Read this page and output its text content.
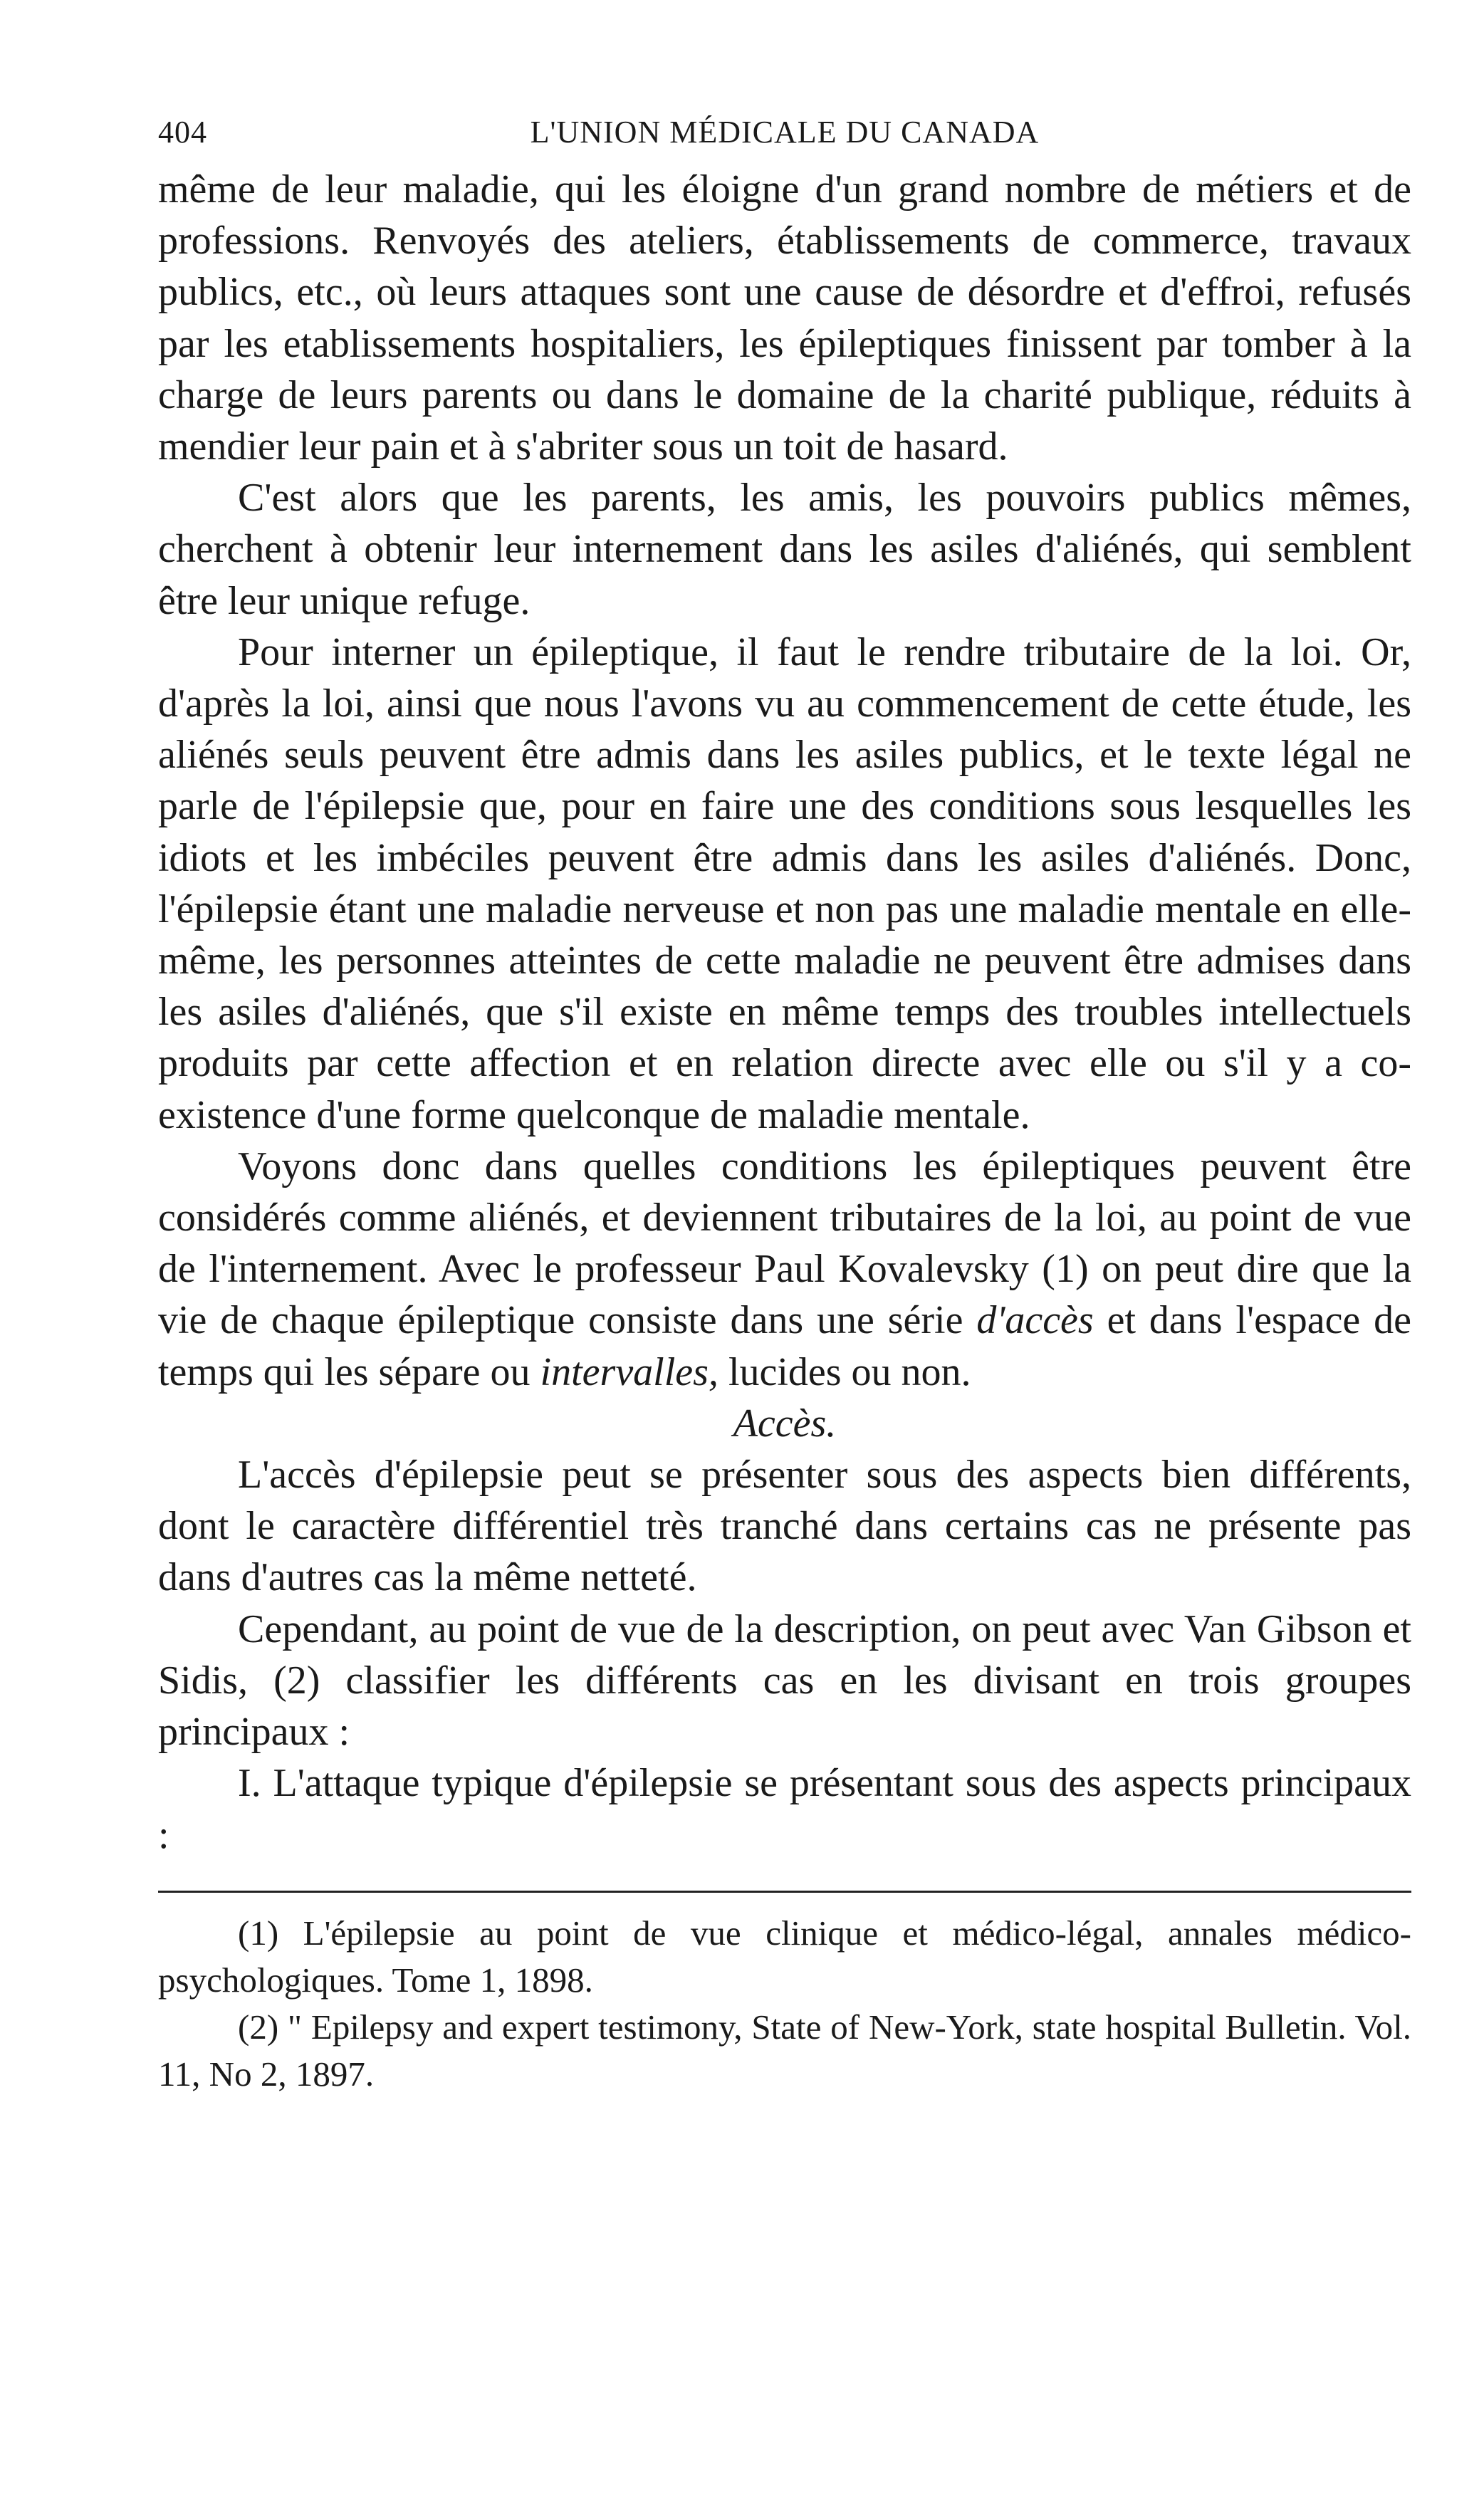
404	L'UNION MÉDICALE DU CANADA

même de leur maladie, qui les éloigne d'un grand nombre de métiers et de professions. Renvoyés des ateliers, établissements de commerce, travaux publics, etc., où leurs attaques sont une cause de désordre et d'effroi, refusés par les etablissements hospitaliers, les épileptiques finissent par tomber à la charge de leurs parents ou dans le domaine de la charité publique, réduits à mendier leur pain et à s'abriter sous un toit de hasard.

C'est alors que les parents, les amis, les pouvoirs publics mêmes, cherchent à obtenir leur internement dans les asiles d'aliénés, qui semblent être leur unique refuge.

Pour interner un épileptique, il faut le rendre tributaire de la loi. Or, d'après la loi, ainsi que nous l'avons vu au commencement de cette étude, les aliénés seuls peuvent être admis dans les asiles publics, et le texte légal ne parle de l'épilepsie que, pour en faire une des conditions sous lesquelles les idiots et les imbéciles peuvent être admis dans les asiles d'aliénés. Donc, l'épilepsie étant une maladie nerveuse et non pas une maladie mentale en elle-même, les personnes atteintes de cette maladie ne peuvent être admises dans les asiles d'aliénés, que s'il existe en même temps des troubles intellectuels produits par cette affection et en relation directe avec elle ou s'il y a co-existence d'une forme quelconque de maladie mentale.

Voyons donc dans quelles conditions les épileptiques peuvent être considérés comme aliénés, et deviennent tributaires de la loi, au point de vue de l'internement. Avec le professeur Paul Kovalevsky (1) on peut dire que la vie de chaque épileptique consiste dans une série d'accès et dans l'espace de temps qui les sépare ou intervalles, lucides ou non.

Accès.

L'accès d'épilepsie peut se présenter sous des aspects bien différents, dont le caractère différentiel très tranché dans certains cas ne présente pas dans d'autres cas la même netteté.

Cependant, au point de vue de la description, on peut avec Van Gibson et Sidis, (2) classifier les différents cas en les divisant en trois groupes principaux :

I. L'attaque typique d'épilepsie se présentant sous des aspects principaux :

(1) L'épilepsie au point de vue clinique et médico-légal, annales médico-psychologiques. Tome 1, 1898.

(2) " Epilepsy and expert testimony, State of New-York, state hospital Bulletin. Vol. 11, No 2, 1897.
